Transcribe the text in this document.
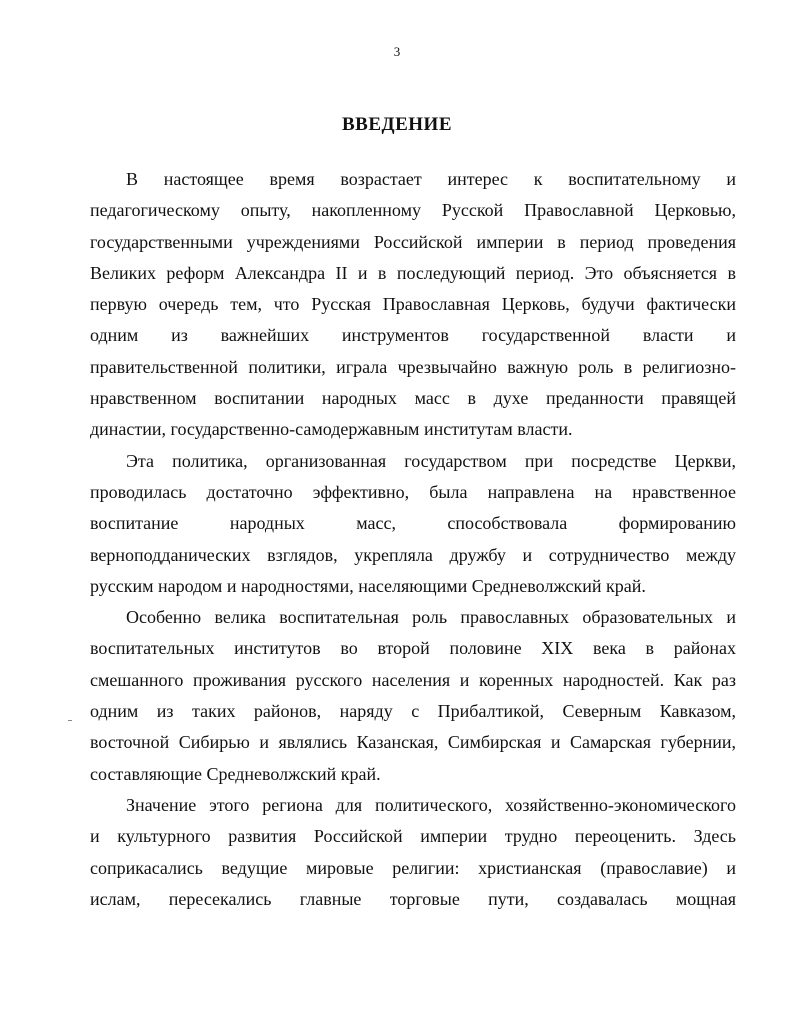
3
ВВЕДЕНИЕ

В настоящее время возрастает интерес к воспитательному и
педагогическому опыту, накопленному Русской Православной Церковью,
государственными учреждениями Российской империи в период проведения
Великих реформ Александра II и в последующий период. Это объясняется в
первую очередь тем, что Русская Православная Церковь, будучи фактически
одним из важнейших инструментов государственной власти и
правительственной политики, играла чрезвычайно важную роль в религиозно-
нравственном воспитании народных масс в духе преданности правящей
династии, государственно-самодержавным институтам власти.

Эта политика, организованная государством при посредстве Церкви,
проводилась достаточно эффективно, была направлена на нравственное
воспитание народных масс, способствовала формированию
верноподданических взглядов, укрепляла дружбу и сотрудничество между
русским народом и народностями, населяющими Средневолжский край.

Особенно велика воспитательная роль православных образовательных и
воспитательных институтов во второй половине XIX века в районах
смешанного проживания русского населения и коренных народностей. Как раз
одним из таких районов, наряду с Прибалтикой, Северным Кавказом,
восточной Сибирью и являлись Казанская, Симбирская и Самарская губернии,
составляющие Средневолжский край.

Значение этого региона для политического, хозяйственно-экономического
и культурного развития Российской империи трудно переоценить. Здесь
соприкасались ведущие мировые религии: христианская (православие) и
ислам, пересекались главные торговые пути, создавалась мощная
